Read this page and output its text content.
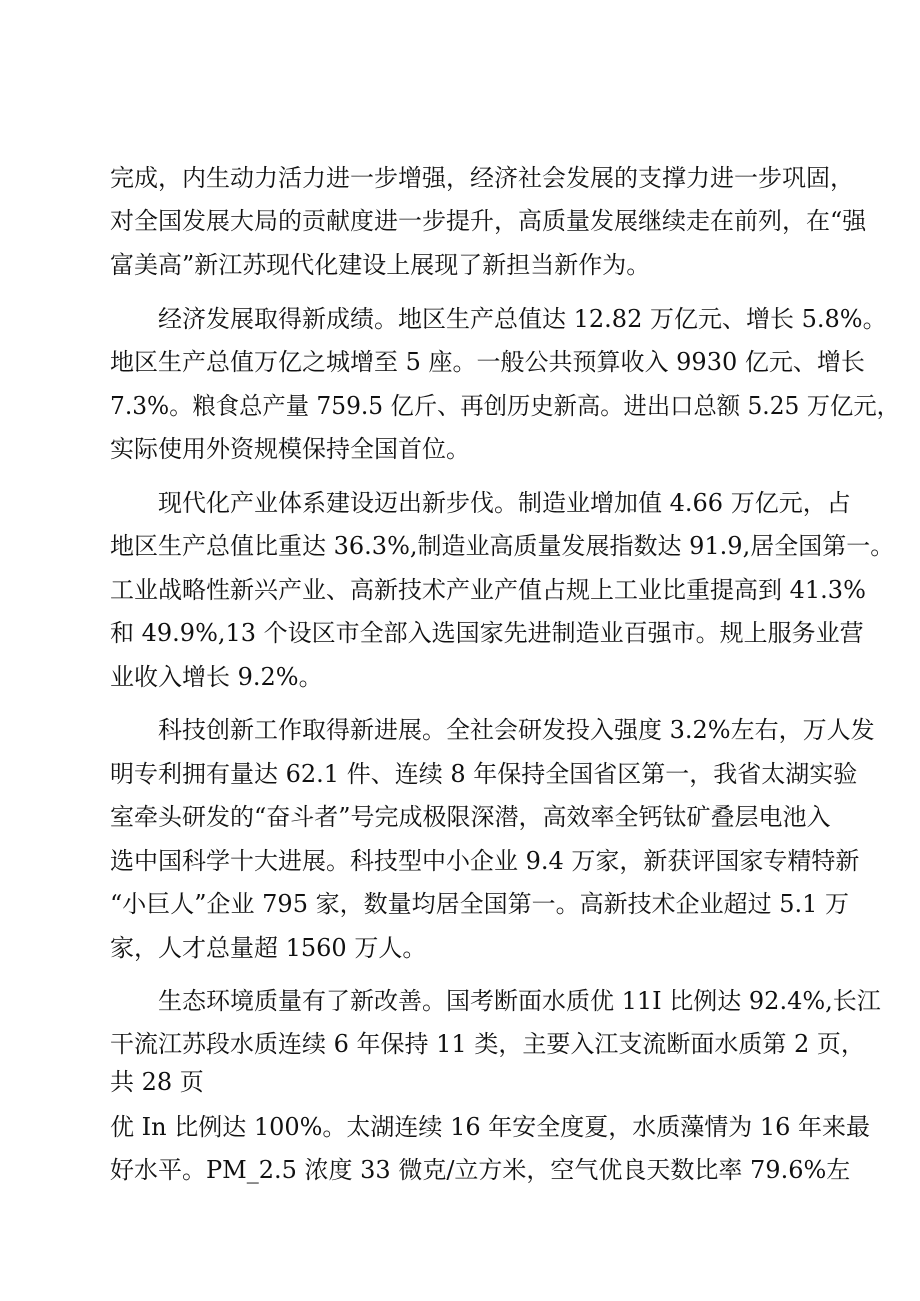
完成，内生动力活力进一步增强，经济社会发展的支撑力进一步巩固，
对全国发展大局的贡献度进一步提升，高质量发展继续走在前列，在“强
富美高”新江苏现代化建设上展现了新担当新作为。
经济发展取得新成绩。地区生产总值达 12.82 万亿元、增长 5.8%。
地区生产总值万亿之城增至 5 座。一般公共预算收入 9930 亿元、增长
7.3%。粮食总产量 759.5 亿斤、再创历史新高。进出口总额 5.25 万亿元，
实际使用外资规模保持全国首位。
现代化产业体系建设迈出新步伐。制造业增加值 4.66 万亿元，占
地区生产总值比重达 36.3%,制造业高质量发展指数达 91.9,居全国第一。
工业战略性新兴产业、高新技术产业产值占规上工业比重提高到 41.3%
和 49.9%,13 个设区市全部入选国家先进制造业百强市。规上服务业营
业收入增长 9.2%。
科技创新工作取得新进展。全社会研发投入强度 3.2%左右，万人发
明专利拥有量达 62.1 件、连续 8 年保持全国省区第一，我省太湖实验
室牵头研发的“奋斗者”号完成极限深潜，高效率全钙钛矿叠层电池入
选中国科学十大进展。科技型中小企业 9.4 万家，新获评国家专精特新
“小巨人”企业 795 家，数量均居全国第一。高新技术企业超过 5.1 万
家，人才总量超 1560 万人。
生态环境质量有了新改善。国考断面水质优 11I 比例达 92.4%,长江
干流江苏段水质连续 6 年保持 11 类，主要入江支流断面水质第 2 页，
共 28 页
优 In 比例达 100%。太湖连续 16 年安全度夏，水质藻情为 16 年来最
好水平。PM_2.5 浓度 33 微克/立方米，空气优良天数比率 79.6%左
